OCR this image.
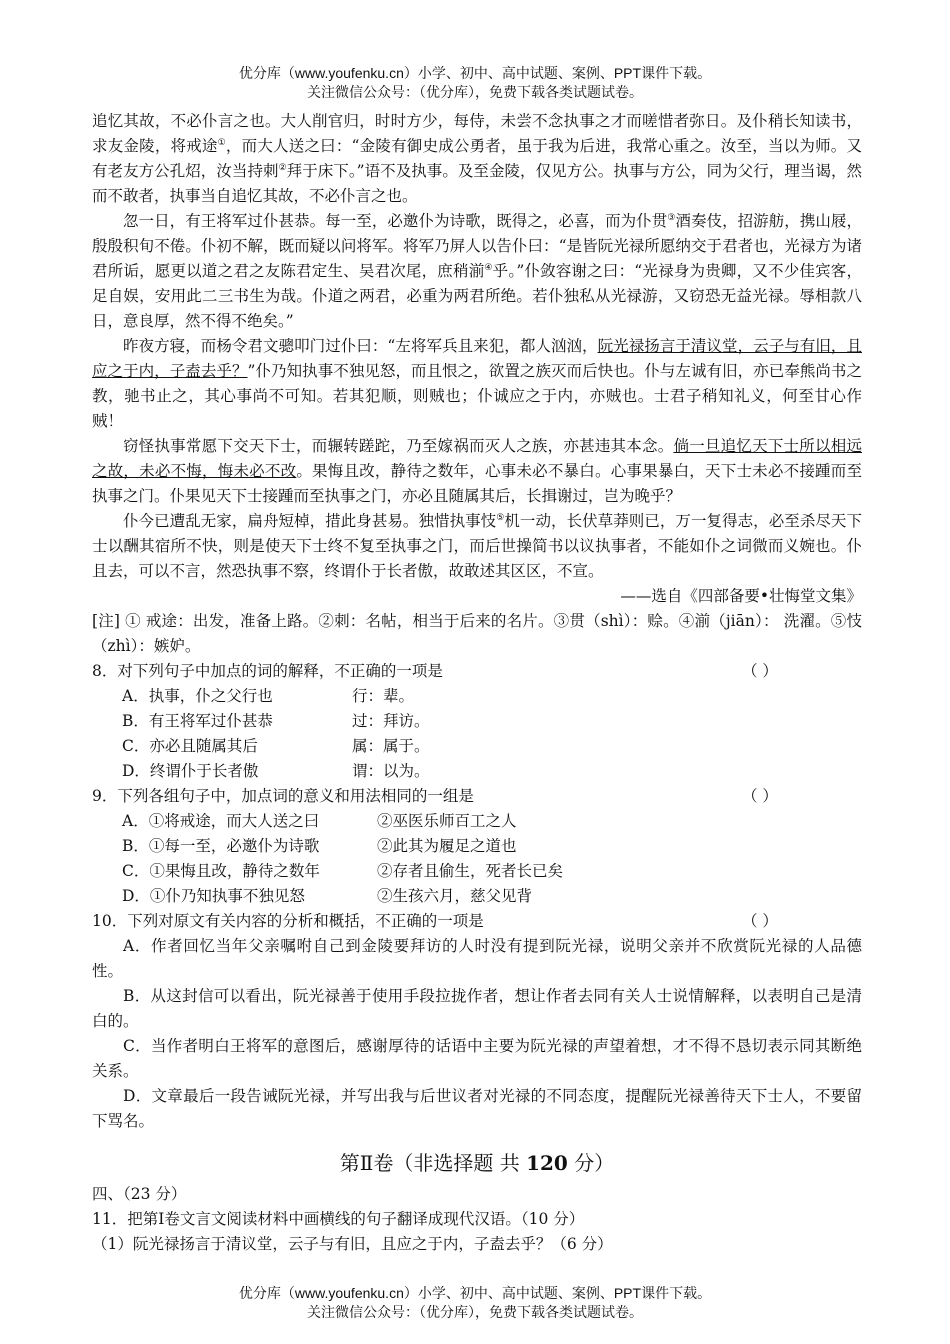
优分库（www.youfenku.cn）小学、初中、高中试题、案例、PPT课件下载。
关注微信公众号：（优分库），免费下载各类试题试卷。

追忆其故，不必仆言之也。大人削官归，时时方少，每侍，未尝不念执事之才而嗟惜者弥日。及仆稍长知读书，求友金陵，将戒途①，而大人送之曰：“金陵有御史成公勇者，虽于我为后进，我常心重之。汝至，当以为师。又有老友方公孔炤，汝当持刺②拜于床下。”语不及执事。及至金陵，仅见方公。执事与方公，同为父行，理当谒，然而不敢者，执事当自追忆其故，不必仆言之也。

忽一日，有王将军过仆甚恭。每一至，必邀仆为诗歌，既得之，必喜，而为仆贯③酒奏伎，招游舫，携山屐，殷殷积旬不倦。仆初不解，既而疑以问将军。将军乃屏人以告仆曰：“是皆阮光禄所愿纳交于君者也，光禄方为诸君所诟，愿更以道之君之友陈君定生、吴君次尾，庶稍湔④乎。”仆敛容谢之曰：“光禄身为贵卿，又不少佳宾客，足自娱，安用此二三书生为哉。仆道之两君，必重为两君所绝。若仆独私从光禄游，又窃恐无益光禄。辱相款八日，意良厚，然不得不绝矣。”

昨夜方寝，而杨令君文骢叩门过仆曰：“左将军兵且来犯，都人汹汹，阮光禄扬言于清议堂，云子与有旧，且应之于内，子盍去乎？”仆乃知执事不独见怒，而且恨之，欲置之族灭而后快也。仆与左诚有旧，亦已奉熊尚书之教，驰书止之，其心事尚不可知。若其犯顺，则贼也；仆诚应之于内，亦贼也。士君子稍知礼义，何至甘心作贼！

窃怪执事常愿下交天下士，而辗转蹉跎，乃至嫁祸而灭人之族，亦甚违其本念。倘一旦追忆天下士所以相远之故，未必不悔，悔未必不改。果悔且改，静待之数年，心事未必不暴白。心事果暴白，天下士未必不接踵而至执事之门。仆果见天下士接踵而至执事之门，亦必且随属其后，长揖谢过，岂为晚乎？

仆今已遭乱无家，扁舟短棹，措此身甚易。独惜执事忮⑤机一动，长伏草莽则已，万一复得志，必至杀尽天下士以酬其宿所不快，则是使天下士终不复至执事之门，而后世操简书以议执事者，不能如仆之词微而义婉也。仆且去，可以不言，然恐执事不察，终谓仆于长者傲，故敢述其区区，不宣。

——选自《四部备要•壮悔堂文集》

[注] ① 戒途：出发，准备上路。②刺：名帖，相当于后来的名片。③贯（shì）：赊。④湔（jiān）： 洗濯。⑤忮（zhì）：嫉妒。

8．对下列句子中加点的词的解释，不正确的一项是	（ ）
A．执事，仆之父行也	行：辈。
B．有王将军过仆甚恭	过：拜访。
C．亦必且随属其后	属：属于。
D．终谓仆于长者傲	谓：以为。
9．下列各组句子中，加点词的意义和用法相同的一组是	（ ）
A．①将戒途，而大人送之曰	②巫医乐师百工之人
B．①每一至，必邀仆为诗歌	②此其为履足之道也
C．①果悔且改，静待之数年	②存者且偷生，死者长已矣
D．①仆乃知执事不独见怒	②生孩六月，慈父见背
10．下列对原文有关内容的分析和概括，不正确的一项是	（ ）

A．作者回忆当年父亲嘱咐自己到金陵要拜访的人时没有提到阮光禄，说明父亲并不欣赏阮光禄的人品德性。

B．从这封信可以看出，阮光禄善于使用手段拉拢作者，想让作者去同有关人士说情解释，以表明自己是清白的。

C．当作者明白王将军的意图后，感谢厚待的话语中主要为阮光禄的声望着想，才不得不恳切表示同其断绝关系。

D．文章最后一段告诫阮光禄，并写出我与后世议者对光禄的不同态度，提醒阮光禄善待天下士人，不要留下骂名。

第Ⅱ卷（非选择题 共 120 分）

四、（23 分）

11．把第Ⅰ卷文言文阅读材料中画横线的句子翻译成现代汉语。（10 分）

（1）阮光禄扬言于清议堂，云子与有旧，且应之于内，子盍去乎？（6 分）

优分库（www.youfenku.cn）小学、初中、高中试题、案例、PPT课件下载。
关注微信公众号：（优分库），免费下载各类试题试卷。
